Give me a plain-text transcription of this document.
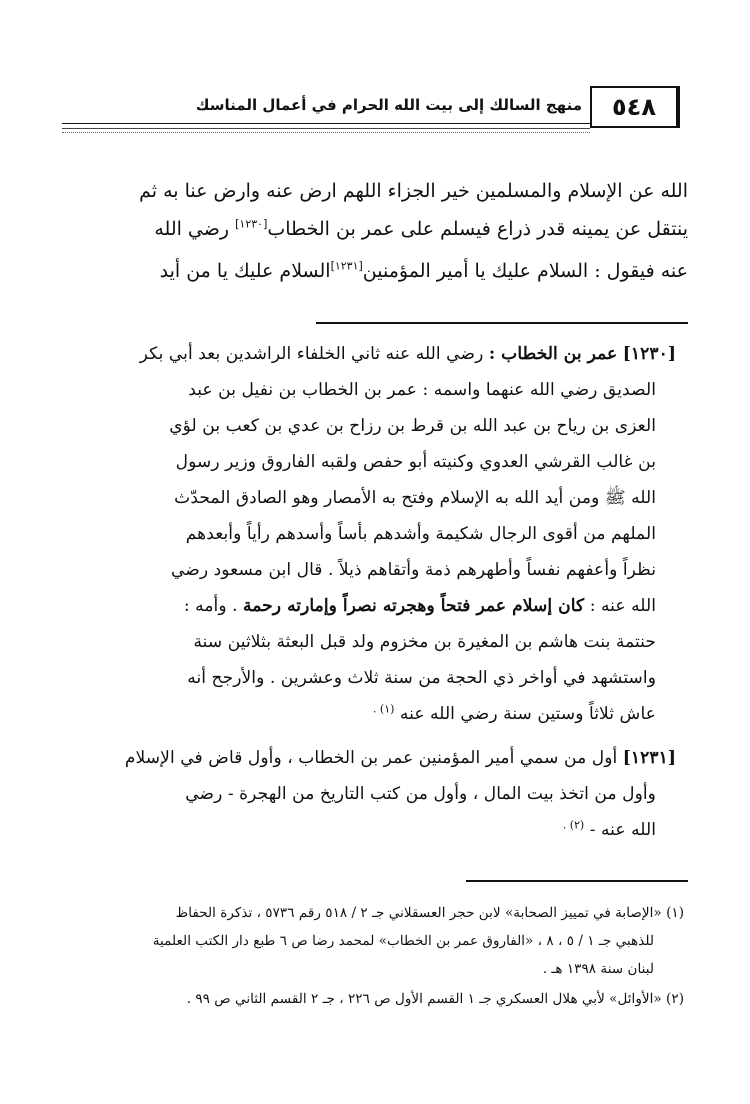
منهج السالك إلى بيت الله الحرام في أعمال المناسك	٥٤٨
الله عن الإسلام والمسلمين خير الجزاء اللهم ارض عنه وارض عنا به ثم
ينتقل عن يمينه قدر ذراع فيسلم على عمر بن الخطاب[١٢٣٠] رضي الله
عنه فيقول : السلام عليك يا أمير المؤمنين[١٢٣١]السلام عليك يا من أيد
[١٢٣٠] عمر بن الخطاب : رضي الله عنه ثاني الخلفاء الراشدين بعد أبي بكر
الصديق رضي الله عنهما واسمه : عمر بن الخطاب بن نفيل بن عبد
العزى بن رياح بن عبد الله بن قرط بن رزاح بن عدي بن كعب بن لؤي
بن غالب القرشي العدوي وكنيته أبو حفص ولقبه الفاروق وزير رسول
الله ﷺ ومن أيد الله به الإسلام وفتح به الأمصار وهو الصادق المحدّث
الملهم من أقوى الرجال شكيمة وأشدهم بأساً وأسدهم رأياً وأبعدهم
نظراً وأعفهم نفساً وأطهرهم ذمة وأتقاهم ذيلاً . قال ابن مسعود رضي
الله عنه : كان إسلام عمر فتحاً وهجرته نصراً وإمارته رحمة . وأمه :
حنتمة بنت هاشم بن المغيرة بن مخزوم ولد قبل البعثة بثلاثين سنة
واستشهد في أواخر ذي الحجة من سنة ثلاث وعشرين . والأرجح أنه
عاش ثلاثاً وستين سنة رضي الله عنه $^{(١) .}$
[١٢٣١] أول من سمي أمير المؤمنين عمر بن الخطاب ، وأول قاض في الإسلام
وأول من اتخذ بيت المال ، وأول من كتب التاريخ من الهجرة - رضي
الله عنه - $^{(٢) .}$
(١) «الإصابة في تمييز الصحابة» لابن حجر العسقلاني جـ ٢ / ٥١٨ رقم ٥٧٣٦ ، تذكرة الحفاظ
للذهبي جـ ١ / ٥ ، ٨ ، «الفاروق عمر بن الخطاب» لمحمد رضا ص ٦ طبع دار الكتب العلمية
لبنان سنة ١٣٩٨ هـ .
(٢) «الأوائل» لأبي هلال العسكري جـ ١ القسم الأول ص ٢٢٦ ، جـ ٢ القسم الثاني ص ٩٩ .
